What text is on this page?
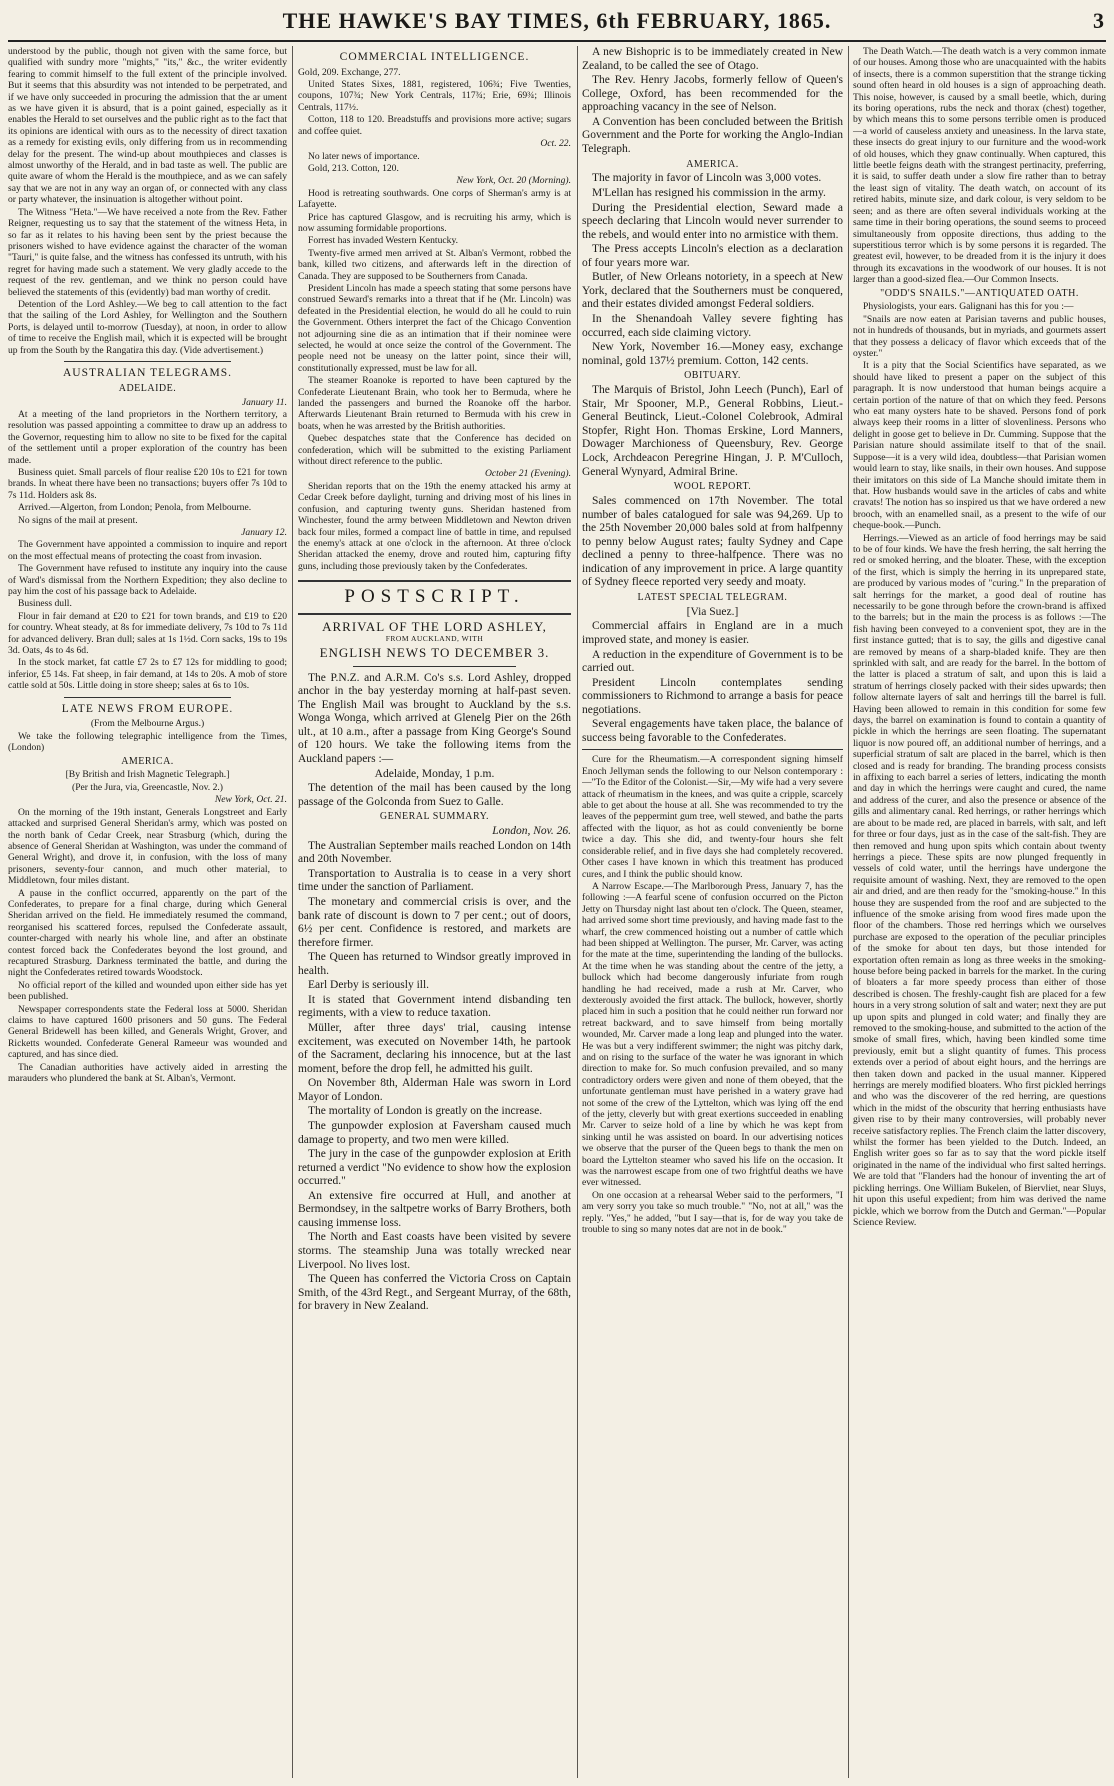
THE HAWKE'S BAY TIMES, 6th FEBRUARY, 1865.	3

understood by the public, though not given with the same force, but qualified with sundry more "mights," "its," &c., the writer evidently fearing to commit himself to the full extent of the principle involved. But it seems that this absurdity was not intended to be perpetrated, and if we have only succeeded in procuring the admission that the ar ument as we have given it is absurd, that is a point gained, especially as it enables the Herald to set ourselves and the public right as to the fact that its opinions are identical with ours as to the necessity of direct taxation as a remedy for existing evils, only differing from us in recommending delay for the present. The wind-up about mouthpieces and classes is almost unworthy of the Herald, and in bad taste as well. The public are quite aware of whom the Herald is the mouthpiece, and as we can safely say that we are not in any way an organ of, or connected with any class or party whatever, the insinuation is altogether without point.

The Witness "Heta."—We have received a note from the Rev. Father Reigner, requesting us to say that the statement of the witness Heta, in so far as it relates to his having been sent by the priest because the prisoners wished to have evidence against the character of the woman "Tauri," is quite false, and the witness has confessed its untruth, with his regret for having made such a statement. We very gladly accede to the request of the rev. gentleman, and we think no person could have believed the statements of this (evidently) bad man worthy of credit.

Detention of the Lord Ashley.—We beg to call attention to the fact that the sailing of the Lord Ashley, for Wellington and the Southern Ports, is delayed until to-morrow (Tuesday), at noon, in order to allow of time to receive the English mail, which it is expected will be brought up from the South by the Rangatira this day. (Vide advertisement.)

AUSTRALIAN TELEGRAMS.
ADELAIDE.

January 11.

At a meeting of the land proprietors in the Northern territory, a resolution was passed appointing a committee to draw up an address to the Governor, requesting him to allow no site to be fixed for the capital of the settlement until a proper exploration of the country has been made.

Business quiet. Small parcels of flour realise £20 10s to £21 for town brands. In wheat there have been no transactions; buyers offer 7s 10d to 7s 11d. Holders ask 8s.

Arrived.—Algerton, from London; Penola, from Melbourne.

No signs of the mail at present.

January 12.

The Government have appointed a commission to inquire and report on the most effectual means of protecting the coast from invasion.

The Government have refused to institute any inquiry into the cause of Ward's dismissal from the Northern Expedition; they also decline to pay him the cost of his passage back to Adelaide.

Business dull.

Flour in fair demand at £20 to £21 for town brands, and £19 to £20 for country. Wheat steady, at 8s for immediate delivery, 7s 10d to 7s 11d for advanced delivery. Bran dull; sales at 1s 1½d. Corn sacks, 19s to 19s 3d. Oats, 4s to 4s 6d.

In the stock market, fat cattle £7 2s to £7 12s for middling to good; inferior, £5 14s. Fat sheep, in fair demand, at 14s to 20s. A mob of store cattle sold at 50s. Little doing in store sheep; sales at 6s to 10s.

LATE NEWS FROM EUROPE.

(From the Melbourne Argus.)

We take the following telegraphic intelligence from the Times, (London)

AMERICA.

[By British and Irish Magnetic Telegraph.]

(Per the Jura, via, Greencastle, Nov. 2.)

New York, Oct. 21.

On the morning of the 19th instant, Generals Longstreet and Early attacked and surprised General Sheridan's army, which was posted on the north bank of Cedar Creek, near Strasburg (which, during the absence of General Sheridan at Washington, was under the command of General Wright), and drove it, in confusion, with the loss of many prisoners, seventy-four cannon, and much other material, to Middletown, four miles distant.

A pause in the conflict occurred, apparently on the part of the Confederates, to prepare for a final charge, during which General Sheridan arrived on the field. He immediately resumed the command, reorganised his scattered forces, repulsed the Confederate assault, counter-charged with nearly his whole line, and after an obstinate contest forced back the Confederates beyond the lost ground, and recaptured Strasburg. Darkness terminated the battle, and during the night the Confederates retired towards Woodstock.

No official report of the killed and wounded upon either side has yet been published.

Newspaper correspondents state the Federal loss at 5000. Sheridan claims to have captured 1600 prisoners and 50 guns. The Federal General Bridewell has been killed, and Generals Wright, Grover, and Ricketts wounded. Confederate General Rameeur was wounded and captured, and has since died.

The Canadian authorities have actively aided in arresting the marauders who plundered the bank at St. Alban's, Vermont.

COMMERCIAL INTELLIGENCE.

Gold, 209. Exchange, 277.

United States Sixes, 1881, registered, 106¾; Five Twenties, coupons, 107¾; New York Centrals, 117¾; Erie, 69¾; Illinois Centrals, 117½.

Cotton, 118 to 120. Breadstuffs and provisions more active; sugars and coffee quiet.

Oct. 22.

No later news of importance.

Gold, 213. Cotton, 120.

New York, Oct. 20 (Morning).

Hood is retreating southwards. One corps of Sherman's army is at Lafayette.

Price has captured Glasgow, and is recruiting his army, which is now assuming formidable proportions.

Forrest has invaded Western Kentucky.

Twenty-five armed men arrived at St. Alban's Vermont, robbed the bank, killed two citizens, and afterwards left in the direction of Canada. They are supposed to be Southerners from Canada.

President Lincoln has made a speech stating that some persons have construed Seward's remarks into a threat that if he (Mr. Lincoln) was defeated in the Presidential election, he would do all he could to ruin the Government. Others interpret the fact of the Chicago Convention not adjourning sine die as an intimation that if their nominee were selected, he would at once seize the control of the Government. The people need not be uneasy on the latter point, since their will, constitutionally expressed, must be law for all.

The steamer Roanoke is reported to have been captured by the Confederate Lieutenant Brain, who took her to Bermuda, where he landed the passengers and burned the Roanoke off the harbor. Afterwards Lieutenant Brain returned to Bermuda with his crew in boats, when he was arrested by the British authorities.

Quebec despatches state that the Conference has decided on confederation, which will be submitted to the existing Parliament without direct reference to the public.

October 21 (Evening).

Sheridan reports that on the 19th the enemy attacked his army at Cedar Creek before daylight, turning and driving most of his lines in confusion, and capturing twenty guns. Sheridan hastened from Winchester, found the army between Middletown and Newton driven back four miles, formed a compact line of battle in time, and repulsed the enemy's attack at one o'clock in the afternoon. At three o'clock Sheridan attacked the enemy, drove and routed him, capturing fifty guns, including those previously taken by the Confederates.

POSTSCRIPT.
ARRIVAL OF THE LORD ASHLEY,
FROM AUCKLAND, WITH
ENGLISH NEWS TO DECEMBER 3.

The P.N.Z. and A.R.M. Co's s.s. Lord Ashley, dropped anchor in the bay yesterday morning at half-past seven. The English Mail was brought to Auckland by the s.s. Wonga Wonga, which arrived at Glenelg Pier on the 26th ult., at 10 a.m., after a passage from King George's Sound of 120 hours. We take the following items from the Auckland papers :—

Adelaide, Monday, 1 p.m.

The detention of the mail has been caused by the long passage of the Golconda from Suez to Galle.

GENERAL SUMMARY.

London, Nov. 26.

The Australian September mails reached London on 14th and 20th November.

Transportation to Australia is to cease in a very short time under the sanction of Parliament.

The monetary and commercial crisis is over, and the bank rate of discount is down to 7 per cent.; out of doors, 6½ per cent. Confidence is restored, and markets are therefore firmer.

The Queen has returned to Windsor greatly improved in health.

Earl Derby is seriously ill.

It is stated that Government intend disbanding ten regiments, with a view to reduce taxation.

Müller, after three days' trial, causing intense excitement, was executed on November 14th, he partook of the Sacrament, declaring his innocence, but at the last moment, before the drop fell, he admitted his guilt.

On November 8th, Alderman Hale was sworn in Lord Mayor of London.

The mortality of London is greatly on the increase.

The gunpowder explosion at Faversham caused much damage to property, and two men were killed.

The jury in the case of the gunpowder explosion at Erith returned a verdict "No evidence to show how the explosion occurred."

An extensive fire occurred at Hull, and another at Bermondsey, in the saltpetre works of Barry Brothers, both causing immense loss.

The North and East coasts have been visited by severe storms. The steamship Juna was totally wrecked near Liverpool. No lives lost.

The Queen has conferred the Victoria Cross on Captain Smith, of the 43rd Regt., and Sergeant Murray, of the 68th, for bravery in New Zealand.

A new Bishopric is to be immediately created in New Zealand, to be called the see of Otago.

The Rev. Henry Jacobs, formerly fellow of Queen's College, Oxford, has been recommended for the approaching vacancy in the see of Nelson.

A Convention has been concluded between the British Government and the Porte for working the Anglo-Indian Telegraph.

AMERICA.

The majority in favor of Lincoln was 3,000 votes.

M'Lellan has resigned his commission in the army.

During the Presidential election, Seward made a speech declaring that Lincoln would never surrender to the rebels, and would enter into no armistice with them.

The Press accepts Lincoln's election as a declaration of four years more war.

Butler, of New Orleans notoriety, in a speech at New York, declared that the Southerners must be conquered, and their estates divided amongst Federal soldiers.

In the Shenandoah Valley severe fighting has occurred, each side claiming victory.

New York, November 16.—Money easy, exchange nominal, gold 137½ premium. Cotton, 142 cents.

OBITUARY.

The Marquis of Bristol, John Leech (Punch), Earl of Stair, Mr Spooner, M.P., General Robbins, Lieut.-General Beutinck, Lieut.-Colonel Colebrook, Admiral Stopfer, Right Hon. Thomas Erskine, Lord Manners, Dowager Marchioness of Queensbury, Rev. George Lock, Archdeacon Peregrine Hingan, J. P. M'Culloch, General Wynyard, Admiral Brine.

WOOL REPORT.

Sales commenced on 17th November. The total number of bales catalogued for sale was 94,269. Up to the 25th November 20,000 bales sold at from halfpenny to penny below August rates; faulty Sydney and Cape declined a penny to three-halfpence. There was no indication of any improvement in price. A large quantity of Sydney fleece reported very seedy and moaty.

LATEST SPECIAL TELEGRAM.

[Via Suez.]

Commercial affairs in England are in a much improved state, and money is easier.

A reduction in the expenditure of Government is to be carried out.

President Lincoln contemplates sending commissioners to Richmond to arrange a basis for peace negotiations.

Several engagements have taken place, the balance of success being favorable to the Confederates.

Cure for the Rheumatism.—A correspondent signing himself Enoch Jellyman sends the following to our Nelson contemporary :—"To the Editor of the Colonist.—Sir,—My wife had a very severe attack of rheumatism in the knees, and was quite a cripple, scarcely able to get about the house at all. She was recommended to try the leaves of the peppermint gum tree, well stewed, and bathe the parts affected with the liquor, as hot as could conveniently be borne twice a day. This she did, and twenty-four hours she felt considerable relief, and in five days she had completely recovered. Other cases I have known in which this treatment has produced cures, and I think the public should know.

A Narrow Escape.—The Marlborough Press, January 7, has the following :—A fearful scene of confusion occurred on the Picton Jetty on Thursday night last about ten o'clock. The Queen, steamer, had arrived some short time previously, and having made fast to the wharf, the crew commenced hoisting out a number of cattle which had been shipped at Wellington. The purser, Mr. Carver, was acting for the mate at the time, superintending the landing of the bullocks. At the time when he was standing about the centre of the jetty, a bullock which had become dangerously infuriate from rough handling he had received, made a rush at Mr. Carver, who dexterously avoided the first attack. The bullock, however, shortly placed him in such a position that he could neither run forward nor retreat backward, and to save himself from being mortally wounded, Mr. Carver made a long leap and plunged into the water. He was but a very indifferent swimmer; the night was pitchy dark, and on rising to the surface of the water he was ignorant in which direction to make for. So much confusion prevailed, and so many contradictory orders were given and none of them obeyed, that the unfortunate gentleman must have perished in a watery grave had not some of the crew of the Lyttelton, which was lying off the end of the jetty, cleverly but with great exertions succeeded in enabling Mr. Carver to seize hold of a line by which he was kept from sinking until he was assisted on board. In our advertising notices we observe that the purser of the Queen begs to thank the men on board the Lyttelton steamer who saved his life on the occasion. It was the narrowest escape from one of two frightful deaths we have ever witnessed.

On one occasion at a rehearsal Weber said to the performers, "I am very sorry you take so much trouble." "No, not at all," was the reply. "Yes," he added, "but I say—that is, for de way you take de trouble to sing so many notes dat are not in de book."

The Death Watch.—The death watch is a very common inmate of our houses. Among those who are unacquainted with the habits of insects, there is a common superstition that the strange ticking sound often heard in old houses is a sign of approaching death. This noise, however, is caused by a small beetle, which, during its boring operations, rubs the neck and thorax (chest) together, by which means this to some persons terrible omen is produced—a world of causeless anxiety and uneasiness. In the larva state, these insects do great injury to our furniture and the wood-work of old houses, which they gnaw continually. When captured, this little beetle feigns death with the strangest pertinacity, preferring, it is said, to suffer death under a slow fire rather than to betray the least sign of vitality. The death watch, on account of its retired habits, minute size, and dark colour, is very seldom to be seen; and as there are often several individuals working at the same time in their boring operations, the sound seems to proceed simultaneously from opposite directions, thus adding to the superstitious terror which is by some persons it is regarded. The greatest evil, however, to be dreaded from it is the injury it does through its excavations in the woodwork of our houses. It is not larger than a good-sized flea.—Our Common Insects.

"ODD'S SNAILS."—ANTIQUATED OATH.

Physiologists, your ears. Galignani has this for you :—

"Snails are now eaten at Parisian taverns and public houses, not in hundreds of thousands, but in myriads, and gourmets assert that they possess a delicacy of flavor which exceeds that of the oyster."

It is a pity that the Social Scientifics have separated, as we should have liked to present a paper on the subject of this paragraph. It is now understood that human beings acquire a certain portion of the nature of that on which they feed. Persons who eat many oysters hate to be shaved. Persons fond of pork always keep their rooms in a litter of slovenliness. Persons who delight in goose get to believe in Dr. Cumming. Suppose that the Parisian nature should assimilate itself to that of the snail. Suppose—it is a very wild idea, doubtless—that Parisian women would learn to stay, like snails, in their own houses. And suppose their imitators on this side of La Manche should imitate them in that. How husbands would save in the articles of cabs and white cravats! The notion has so inspired us that we have ordered a new brooch, with an enamelled snail, as a present to the wife of our cheque-book.—Punch.

Herrings.—Viewed as an article of food herrings may be said to be of four kinds. We have the fresh herring, the salt herring the red or smoked herring, and the bloater. These, with the exception of the first, which is simply the herring in its unprepared state, are produced by various modes of "curing." In the preparation of salt herrings for the market, a good deal of routine has necessarily to be gone through before the crown-brand is affixed to the barrels; but in the main the process is as follows :—The fish having been conveyed to a convenient spot, they are in the first instance gutted; that is to say, the gills and digestive canal are removed by means of a sharp-bladed knife. They are then sprinkled with salt, and are ready for the barrel. In the bottom of the latter is placed a stratum of salt, and upon this is laid a stratum of herrings closely packed with their sides upwards; then follow alternate layers of salt and herrings till the barrel is full. Having been allowed to remain in this condition for some few days, the barrel on examination is found to contain a quantity of pickle in which the herrings are seen floating. The supernatant liquor is now poured off, an additional number of herrings, and a superficial stratum of salt are placed in the barrel, which is then closed and is ready for branding. The branding process consists in affixing to each barrel a series of letters, indicating the month and day in which the herrings were caught and cured, the name and address of the curer, and also the presence or absence of the gills and alimentary canal. Red herrings, or rather herrings which are about to be made red, are placed in barrels, with salt, and left for three or four days, just as in the case of the salt-fish. They are then removed and hung upon spits which contain about twenty herrings a piece. These spits are now plunged frequently in vessels of cold water, until the herrings have undergone the requisite amount of washing. Next, they are removed to the open air and dried, and are then ready for the "smoking-house." In this house they are suspended from the roof and are subjected to the influence of the smoke arising from wood fires made upon the floor of the chambers. Those red herrings which we ourselves purchase are exposed to the operation of the peculiar principles of the smoke for about ten days, but those intended for exportation often remain as long as three weeks in the smoking-house before being packed in barrels for the market. In the curing of bloaters a far more speedy process than either of those described is chosen. The freshly-caught fish are placed for a few hours in a very strong solution of salt and water; next they are put up upon spits and plunged in cold water; and finally they are removed to the smoking-house, and submitted to the action of the smoke of small fires, which, having been kindled some time previously, emit but a slight quantity of fumes. This process extends over a period of about eight hours, and the herrings are then taken down and packed in the usual manner. Kippered herrings are merely modified bloaters. Who first pickled herrings and who was the discoverer of the red herring, are questions which in the midst of the obscurity that herring enthusiasts have given rise to by their many controversies, will probably never receive satisfactory replies. The French claim the latter discovery, whilst the former has been yielded to the Dutch. Indeed, an English writer goes so far as to say that the word pickle itself originated in the name of the individual who first salted herrings. We are told that "Flanders had the honour of inventing the art of pickling herrings. One William Bukelen, of Biervliet, near Sluys, hit upon this useful expedient; from him was derived the name pickle, which we borrow from the Dutch and German."—Popular Science Review.
